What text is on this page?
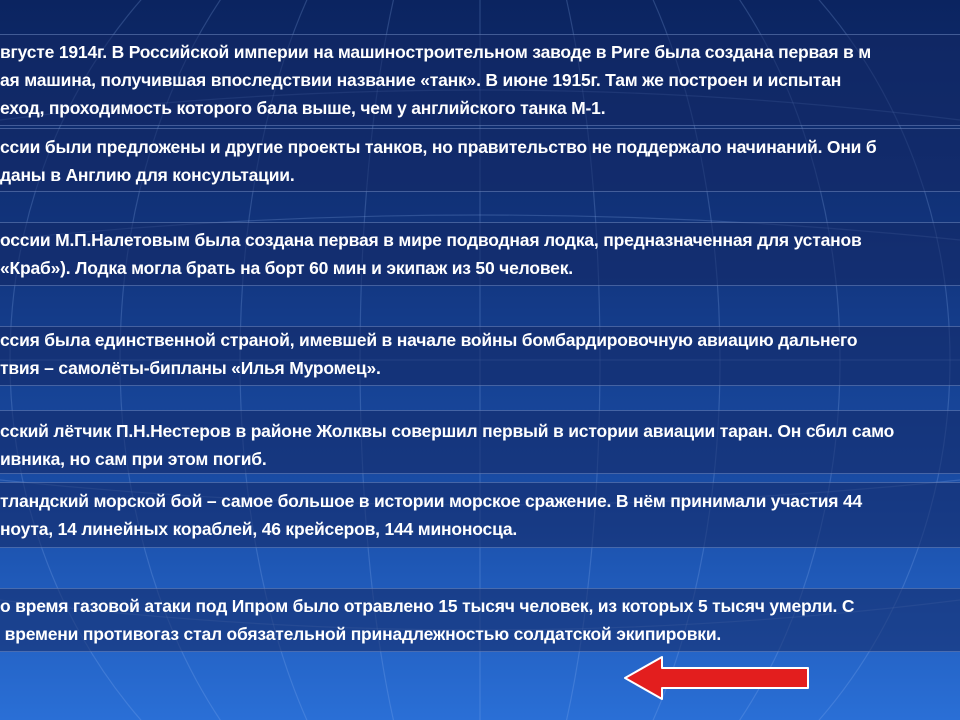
вгусте 1914г. В Российской империи на машиностроительном заводе в Риге была создана первая в м
ая машина, получившая впоследствии название «танк». В июне 1915г. Там же построен и испытан
еход, проходимость которого бала выше, чем у английского танка М-1.
ссии были предложены и другие проекты танков, но правительство не поддержало начинаний. Они б
даны в Англию для консультации.
оссии М.П.Налетовым была создана первая в мире подводная лодка, предназначенная для установ
«Краб»). Лодка могла брать на борт 60 мин и экипаж из 50 человек.
ссия была единственной страной, имевшей в начале войны бомбардировочную авиацию дальнего
твия – самолёты-бипланы «Илья Муромец».
сский лётчик П.Н.Нестеров в районе Жолквы совершил первый в истории авиации таран. Он сбил само
ивника, но сам при этом погиб.
тландский морской бой – самое большое в истории морское сражение. В нём принимали участия 44
ноута, 14 линейных кораблей, 46 крейсеров, 144 миноносца.
о время газовой атаки под Ипром было отравлено 15 тысяч человек, из которых 5 тысяч умерли. С
времени противогаз стал обязательной принадлежностью солдатской экипировки.
